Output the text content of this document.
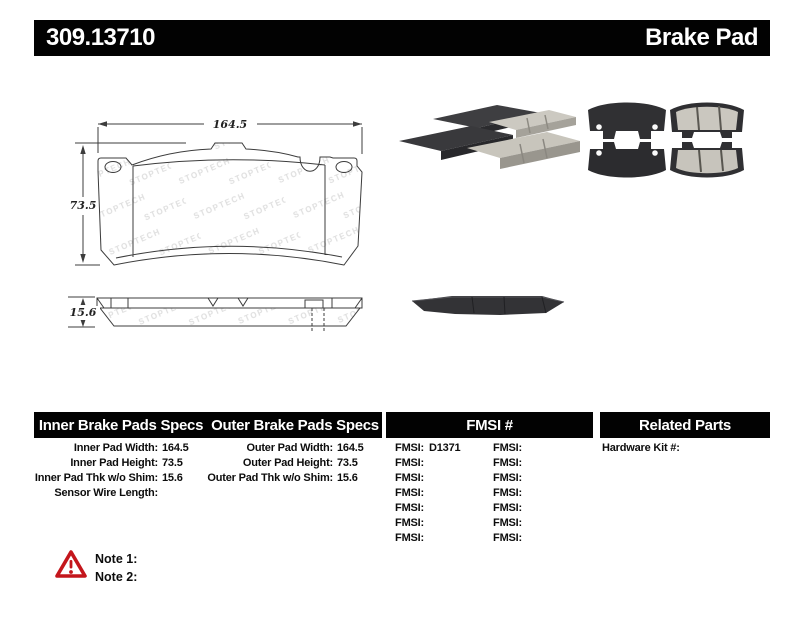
309.13710	Brake Pad
164.5
73.5
15.6
Inner Brake Pads Specs Outer Brake Pads Specs	FMSI #	Related Parts
Inner Pad Width: 164.5
Inner Pad Height: 73.5
Inner Pad Thk w/o Shim: 15.6
Sensor Wire Length:
Outer Pad Width: 164.5
Outer Pad Height: 73.5
Outer Pad Thk w/o Shim: 15.6
FMSI: D1371	FMSI:
FMSI:	FMSI:
FMSI:	FMSI:
FMSI:	FMSI:
FMSI:	FMSI:
FMSI:	FMSI:
FMSI:	FMSI:
Hardware Kit #:
Note 1:
Note 2:
